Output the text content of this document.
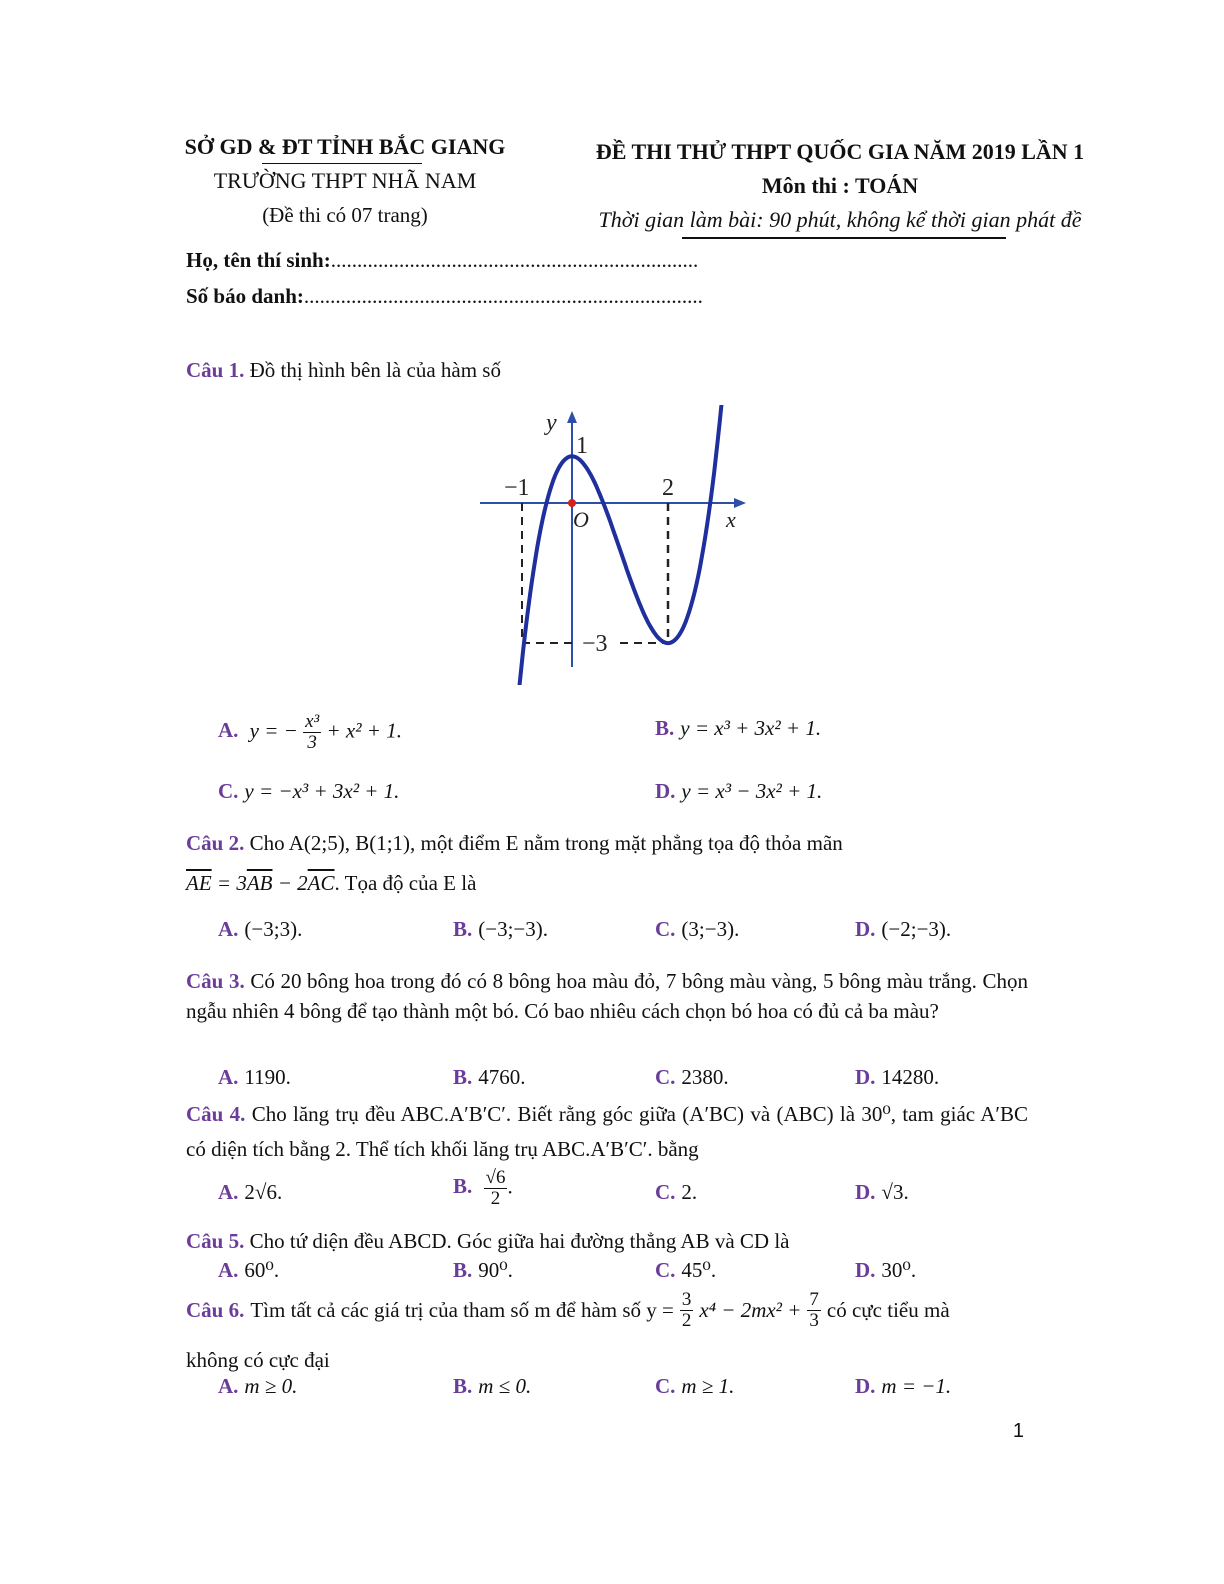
SỞ GD & ĐT TỈNH BẮC GIANG
TRƯỜNG THPT NHÃ NAM
(Đề thi có 07 trang)
ĐỀ THI THỬ THPT QUỐC GIA NĂM 2019 LẦN 1
Môn thi : TOÁN
Thời gian làm bài: 90 phút, không kể thời gian phát đề
Họ, tên thí sinh:......................................................................
Số báo danh:............................................................................
Câu 1. Đồ thị hình bên là của hàm số
y
x
O
1
−1	2
−3
A. y = − $\frac{\text{x³}}{3} + x^2 + 1$.	B. y = x³ + 3x² + 1.
C. y = −x³ + 3x² + 1.	D. y = x³ − 3x² + 1.
Câu 2. Cho A(2;5), B(1;1), một điểm E nằm trong mặt phẳng tọa độ thỏa mãn
$\overline{AE} = 3\overline{AB} - 2\overline{AC}$. Tọa độ của E là
A. (−3;3).	B. (−3;−3).	C. (3;−3).	D. (−2;−3).
Câu 3. Có 20 bông hoa trong đó có 8 bông hoa màu đỏ, 7 bông màu vàng, 5 bông màu trắng. Chọn ngẫu nhiên 4 bông để tạo thành một bó. Có bao nhiêu cách chọn bó hoa có đủ cả ba màu?
A. 1190.	B. 4760.	C. 2380.	D. 14280.
Câu 4. Cho lăng trụ đều ABC.A′B′C′. Biết rằng góc giữa (A′BC) và (ABC) là 30⁰, tam giác A′BC có diện tích bằng 2. Thể tích khối lăng trụ ABC.A′B′C′. bằng
A. 2√6.	B. $\frac{√6}{2}$ .	C. 2.	D. √3.
Câu 5. Cho tứ diện đều ABCD. Góc giữa hai đường thẳng AB và CD là
A. 60⁰.	B. 90⁰.	C. 45⁰.	D. 30⁰.
Câu 6. Tìm tất cả các giá trị của tham số m để hàm số $y = \frac{3}{2} x^4 - 2mx^2 + \frac{7}{3}$ có cực tiểu mà
không có cực đại
A. m ≥ 0.	B. m ≤ 0.	C. m ≥ 1.	D. m = −1.
1
